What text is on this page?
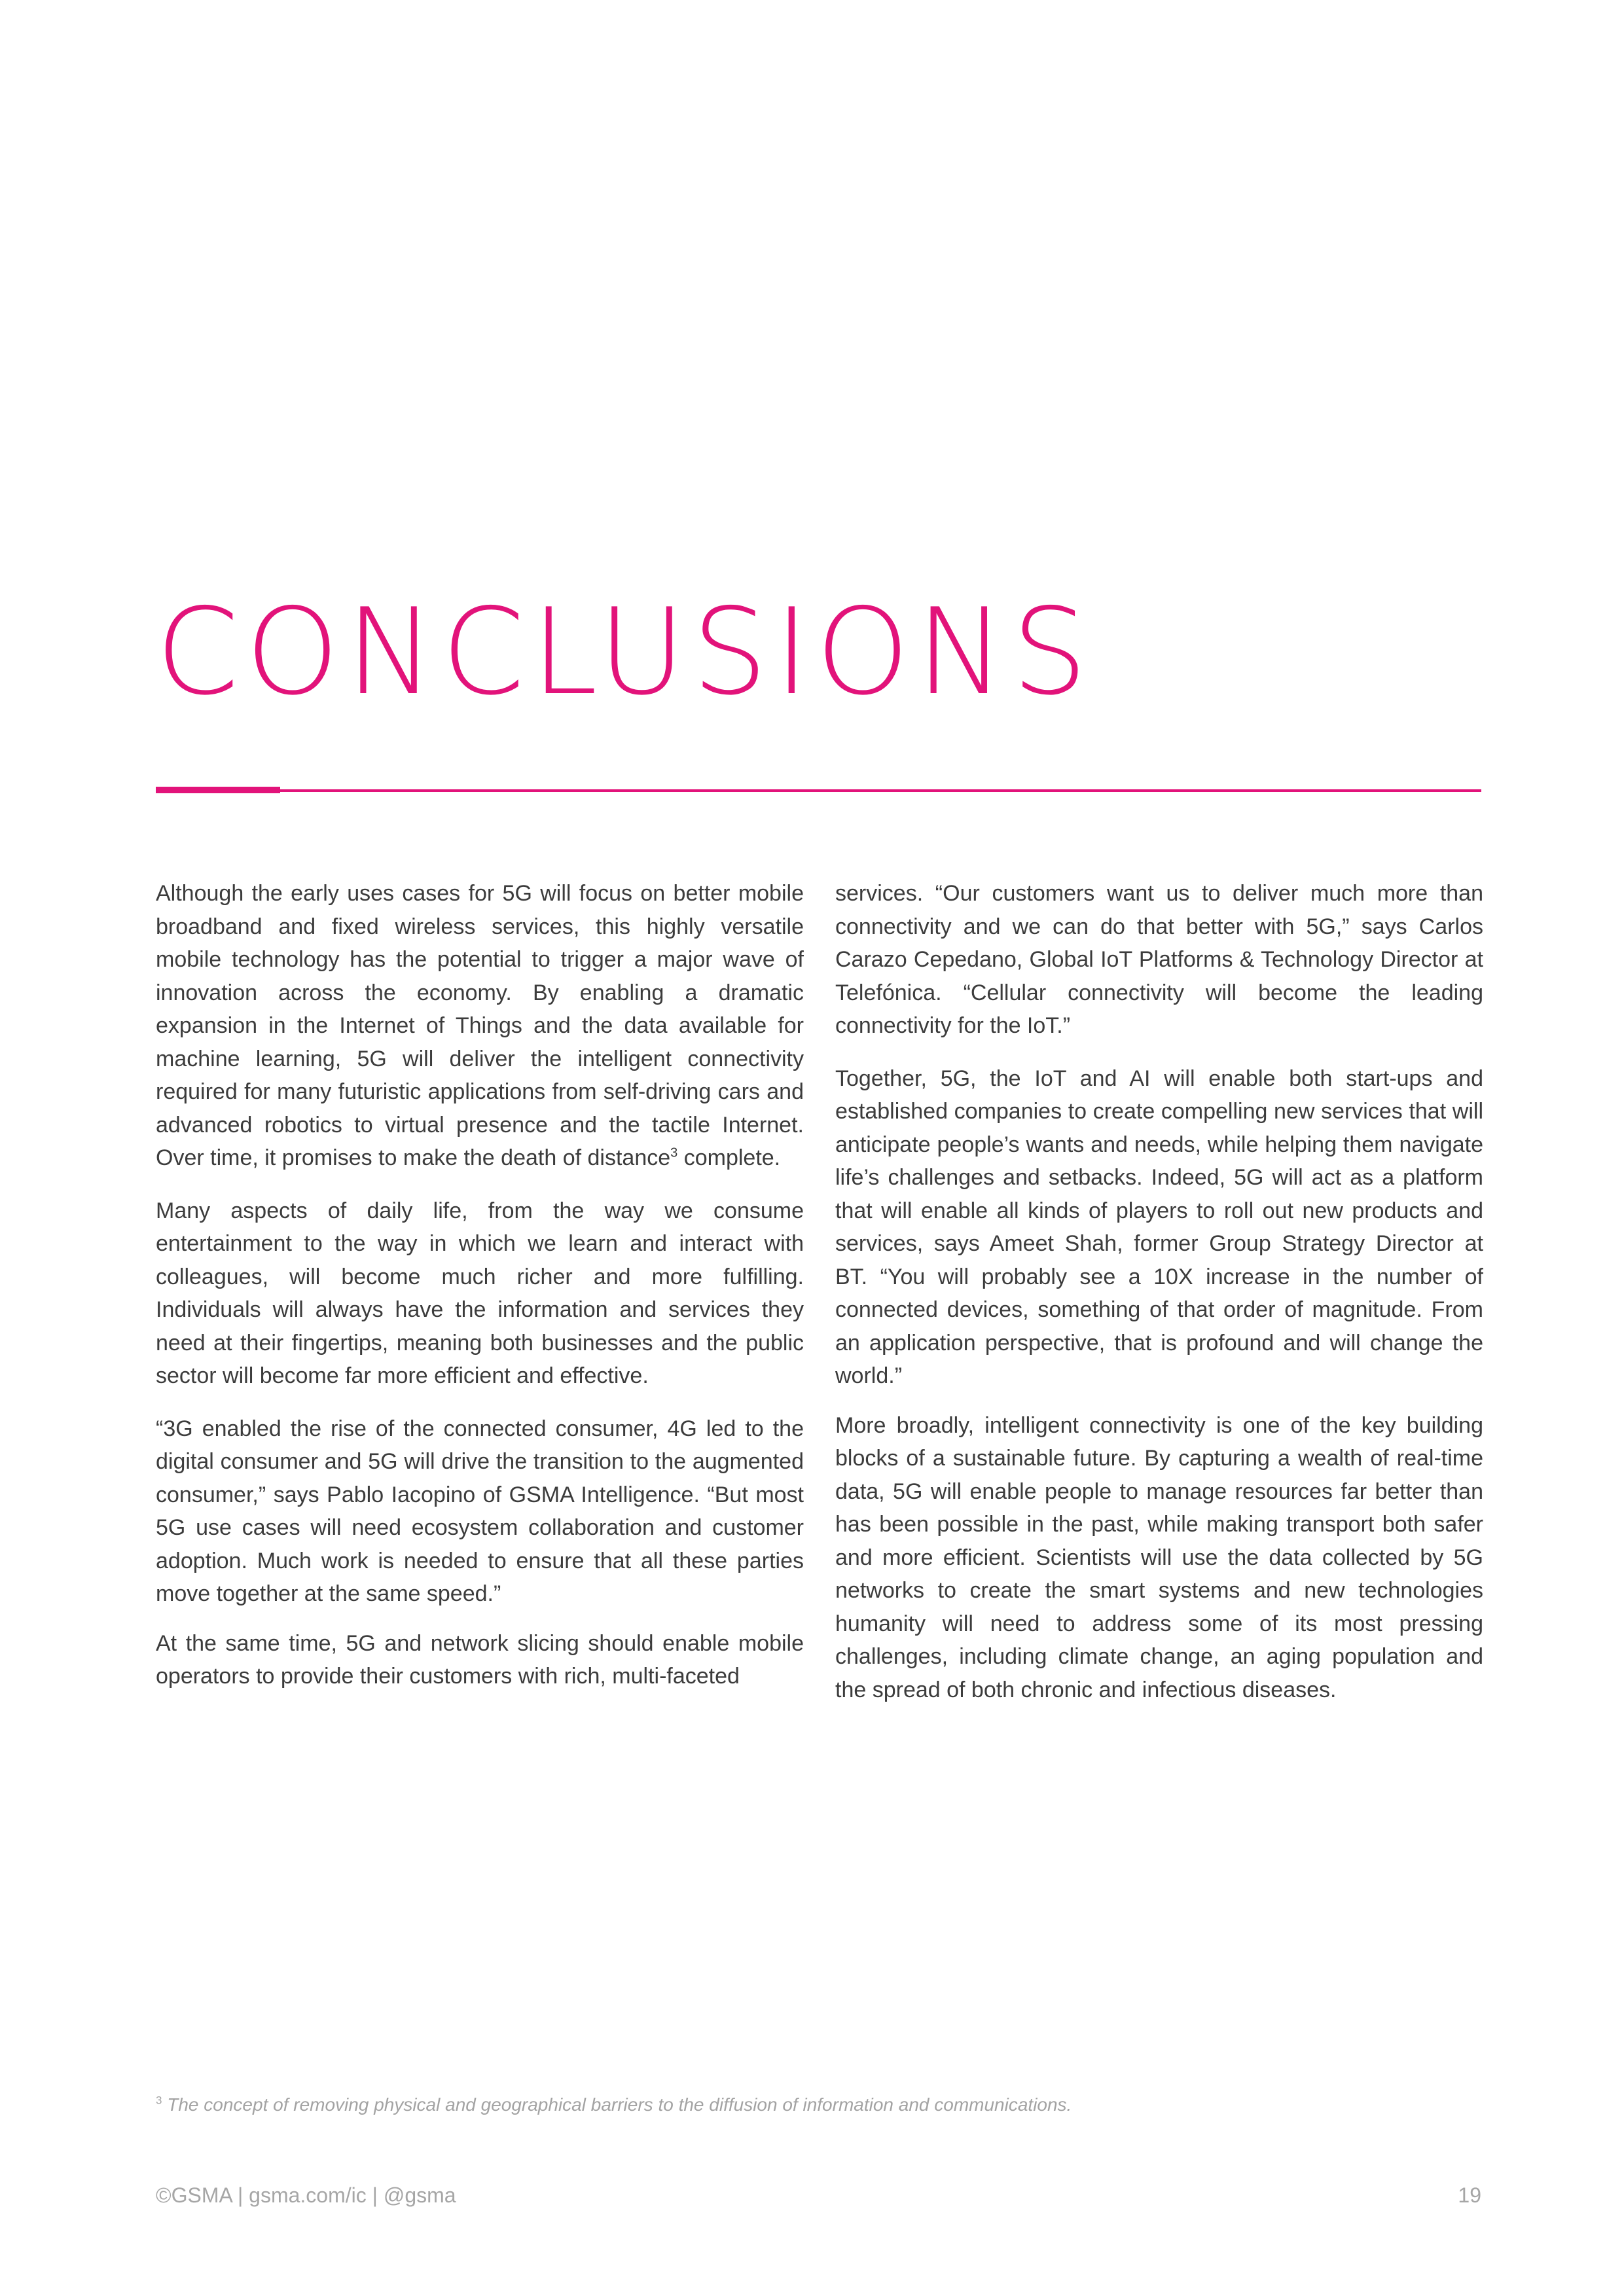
CONCLUSIONS

Although the early uses cases for 5G will focus on better mobile broadband and fixed wireless services, this highly versatile mobile technology has the potential to trigger a major wave of innovation across the economy. By enabling a dramatic expansion in the Internet of Things and the data available for machine learning, 5G will deliver the intelligent connectivity required for many futuristic applications from self-driving cars and advanced robotics to virtual presence and the tactile Internet. Over time, it promises to make the death of distance$^3$ complete.

Many aspects of daily life, from the way we consume entertainment to the way in which we learn and interact with colleagues, will become much richer and more fulfilling. Individuals will always have the information and services they need at their fingertips, meaning both businesses and the public sector will become far more efficient and effective.

“3G enabled the rise of the connected consumer, 4G led to the digital consumer and 5G will drive the transition to the augmented consumer,” says Pablo Iacopino of GSMA Intelligence. “But most 5G use cases will need ecosystem collaboration and customer adoption. Much work is needed to ensure that all these parties move together at the same speed.”

At the same time, 5G and network slicing should enable mobile operators to provide their customers with rich, multi-faceted

services. “Our customers want us to deliver much more than connectivity and we can do that better with 5G,” says Carlos Carazo Cepedano, Global IoT Platforms & Technology Director at Telefónica. “Cellular connectivity will become the leading connectivity for the IoT.”

Together, 5G, the IoT and AI will enable both start-ups and established companies to create compelling new services that will anticipate people’s wants and needs, while helping them navigate life’s challenges and setbacks. Indeed, 5G will act as a platform that will enable all kinds of players to roll out new products and services, says Ameet Shah, former Group Strategy Director at BT. “You will probably see a 10X increase in the number of connected devices, something of that order of magnitude. From an application perspective, that is profound and will change the world.”

More broadly, intelligent connectivity is one of the key building blocks of a sustainable future. By capturing a wealth of real-time data, 5G will enable people to manage resources far better than has been possible in the past, while making transport both safer and more efficient. Scientists will use the data collected by 5G networks to create the smart systems and new technologies humanity will need to address some of its most pressing challenges, including climate change, an aging population and the spread of both chronic and infectious diseases.

$^3$ The concept of removing physical and geographical barriers to the diffusion of information and communications.
©GSMA | gsma.com/ic | @gsma	19
